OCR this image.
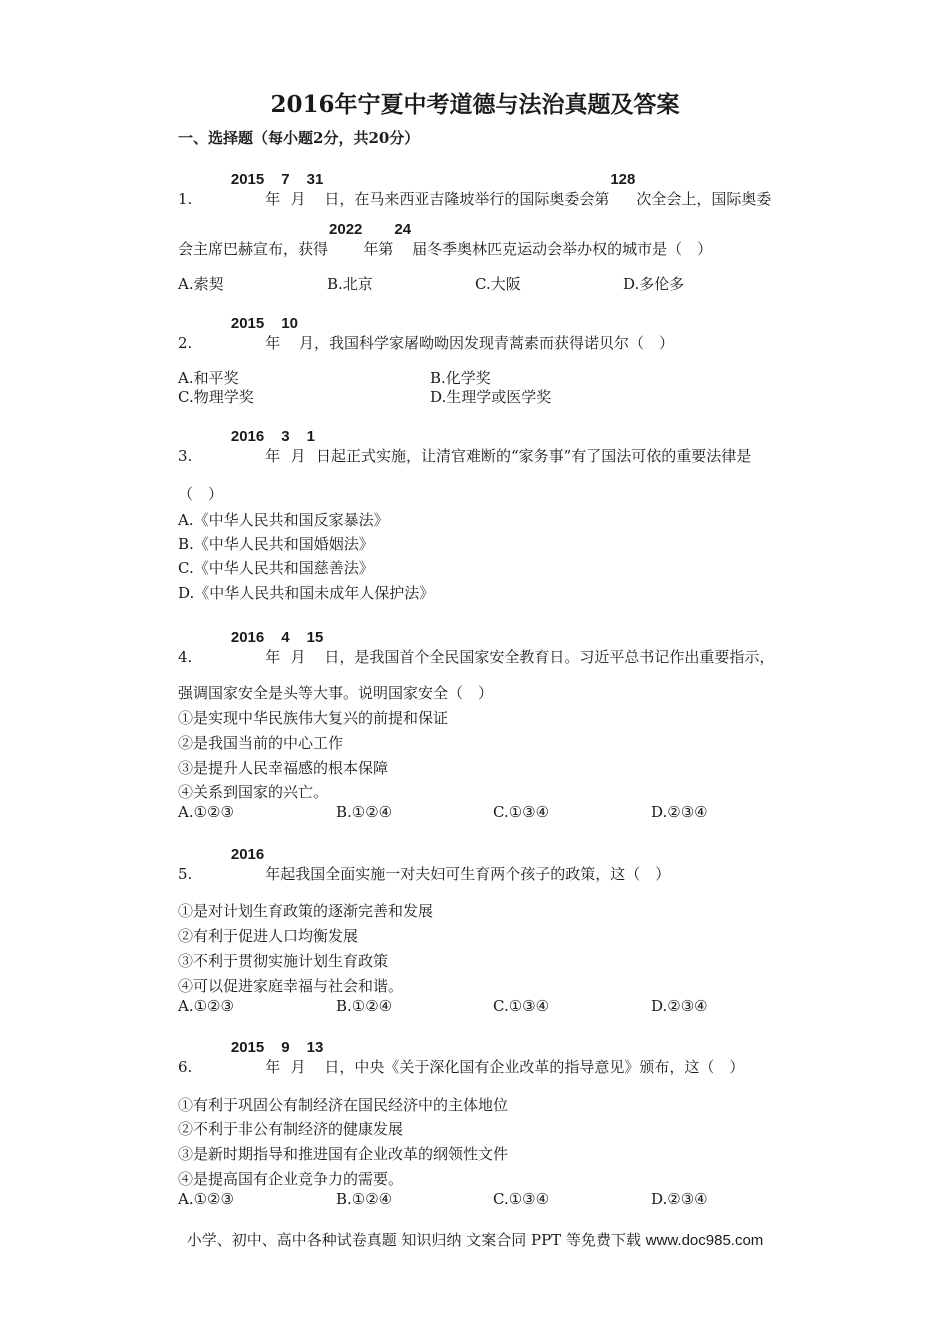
2016年宁夏中考道德与法治真题及答案
一、选择题（每小题2分，共20分）
1.  2015年7月31日，在马来西亚吉隆坡举行的国际奥委会第128次全会上，国际奥委
会主席巴赫宣布，获得2022年第24届冬季奥林匹克运动会举办权的城市是（　）
A.索契	B.北京	C.大阪	D.多伦多
2.  2015年10月，我国科学家屠呦呦因发现青蒿素而获得诺贝尔（　）
A.和平奖	B.化学奖
C.物理学奖	D.生理学或医学奖
3.  2016年3月1日起正式实施，让清官难断的“家务事”有了国法可依的重要法律是
（　）
A.《中华人民共和国反家暴法》
B.《中华人民共和国婚姻法》
C.《中华人民共和国慈善法》
D.《中华人民共和国未成年人保护法》
4.  2016年4月15日，是我国首个全民国家安全教育日。习近平总书记作出重要指示，
强调国家安全是头等大事。说明国家安全（　）
①是实现中华民族伟大复兴的前提和保证
②是我国当前的中心工作
③是提升人民幸福感的根本保障
④关系到国家的兴亡。
A.①②③	B.①②④	C.①③④	D.②③④
5.  2016年起我国全面实施一对夫妇可生育两个孩子的政策，这（　）
①是对计划生育政策的逐渐完善和发展
②有利于促进人口均衡发展
③不利于贯彻实施计划生育政策
④可以促进家庭幸福与社会和谐。
A.①②③	B.①②④	C.①③④	D.②③④
6.  2015年9月13日，中央《关于深化国有企业改革的指导意见》颁布，这（　）
①有利于巩固公有制经济在国民经济中的主体地位
②不利于非公有制经济的健康发展
③是新时期指导和推进国有企业改革的纲领性文件
④是提高国有企业竞争力的需要。
A.①②③	B.①②④	C.①③④	D.②③④
小学、初中、高中各种试卷真题 知识归纳 文案合同 PPT 等免费下载 www.doc985.com
